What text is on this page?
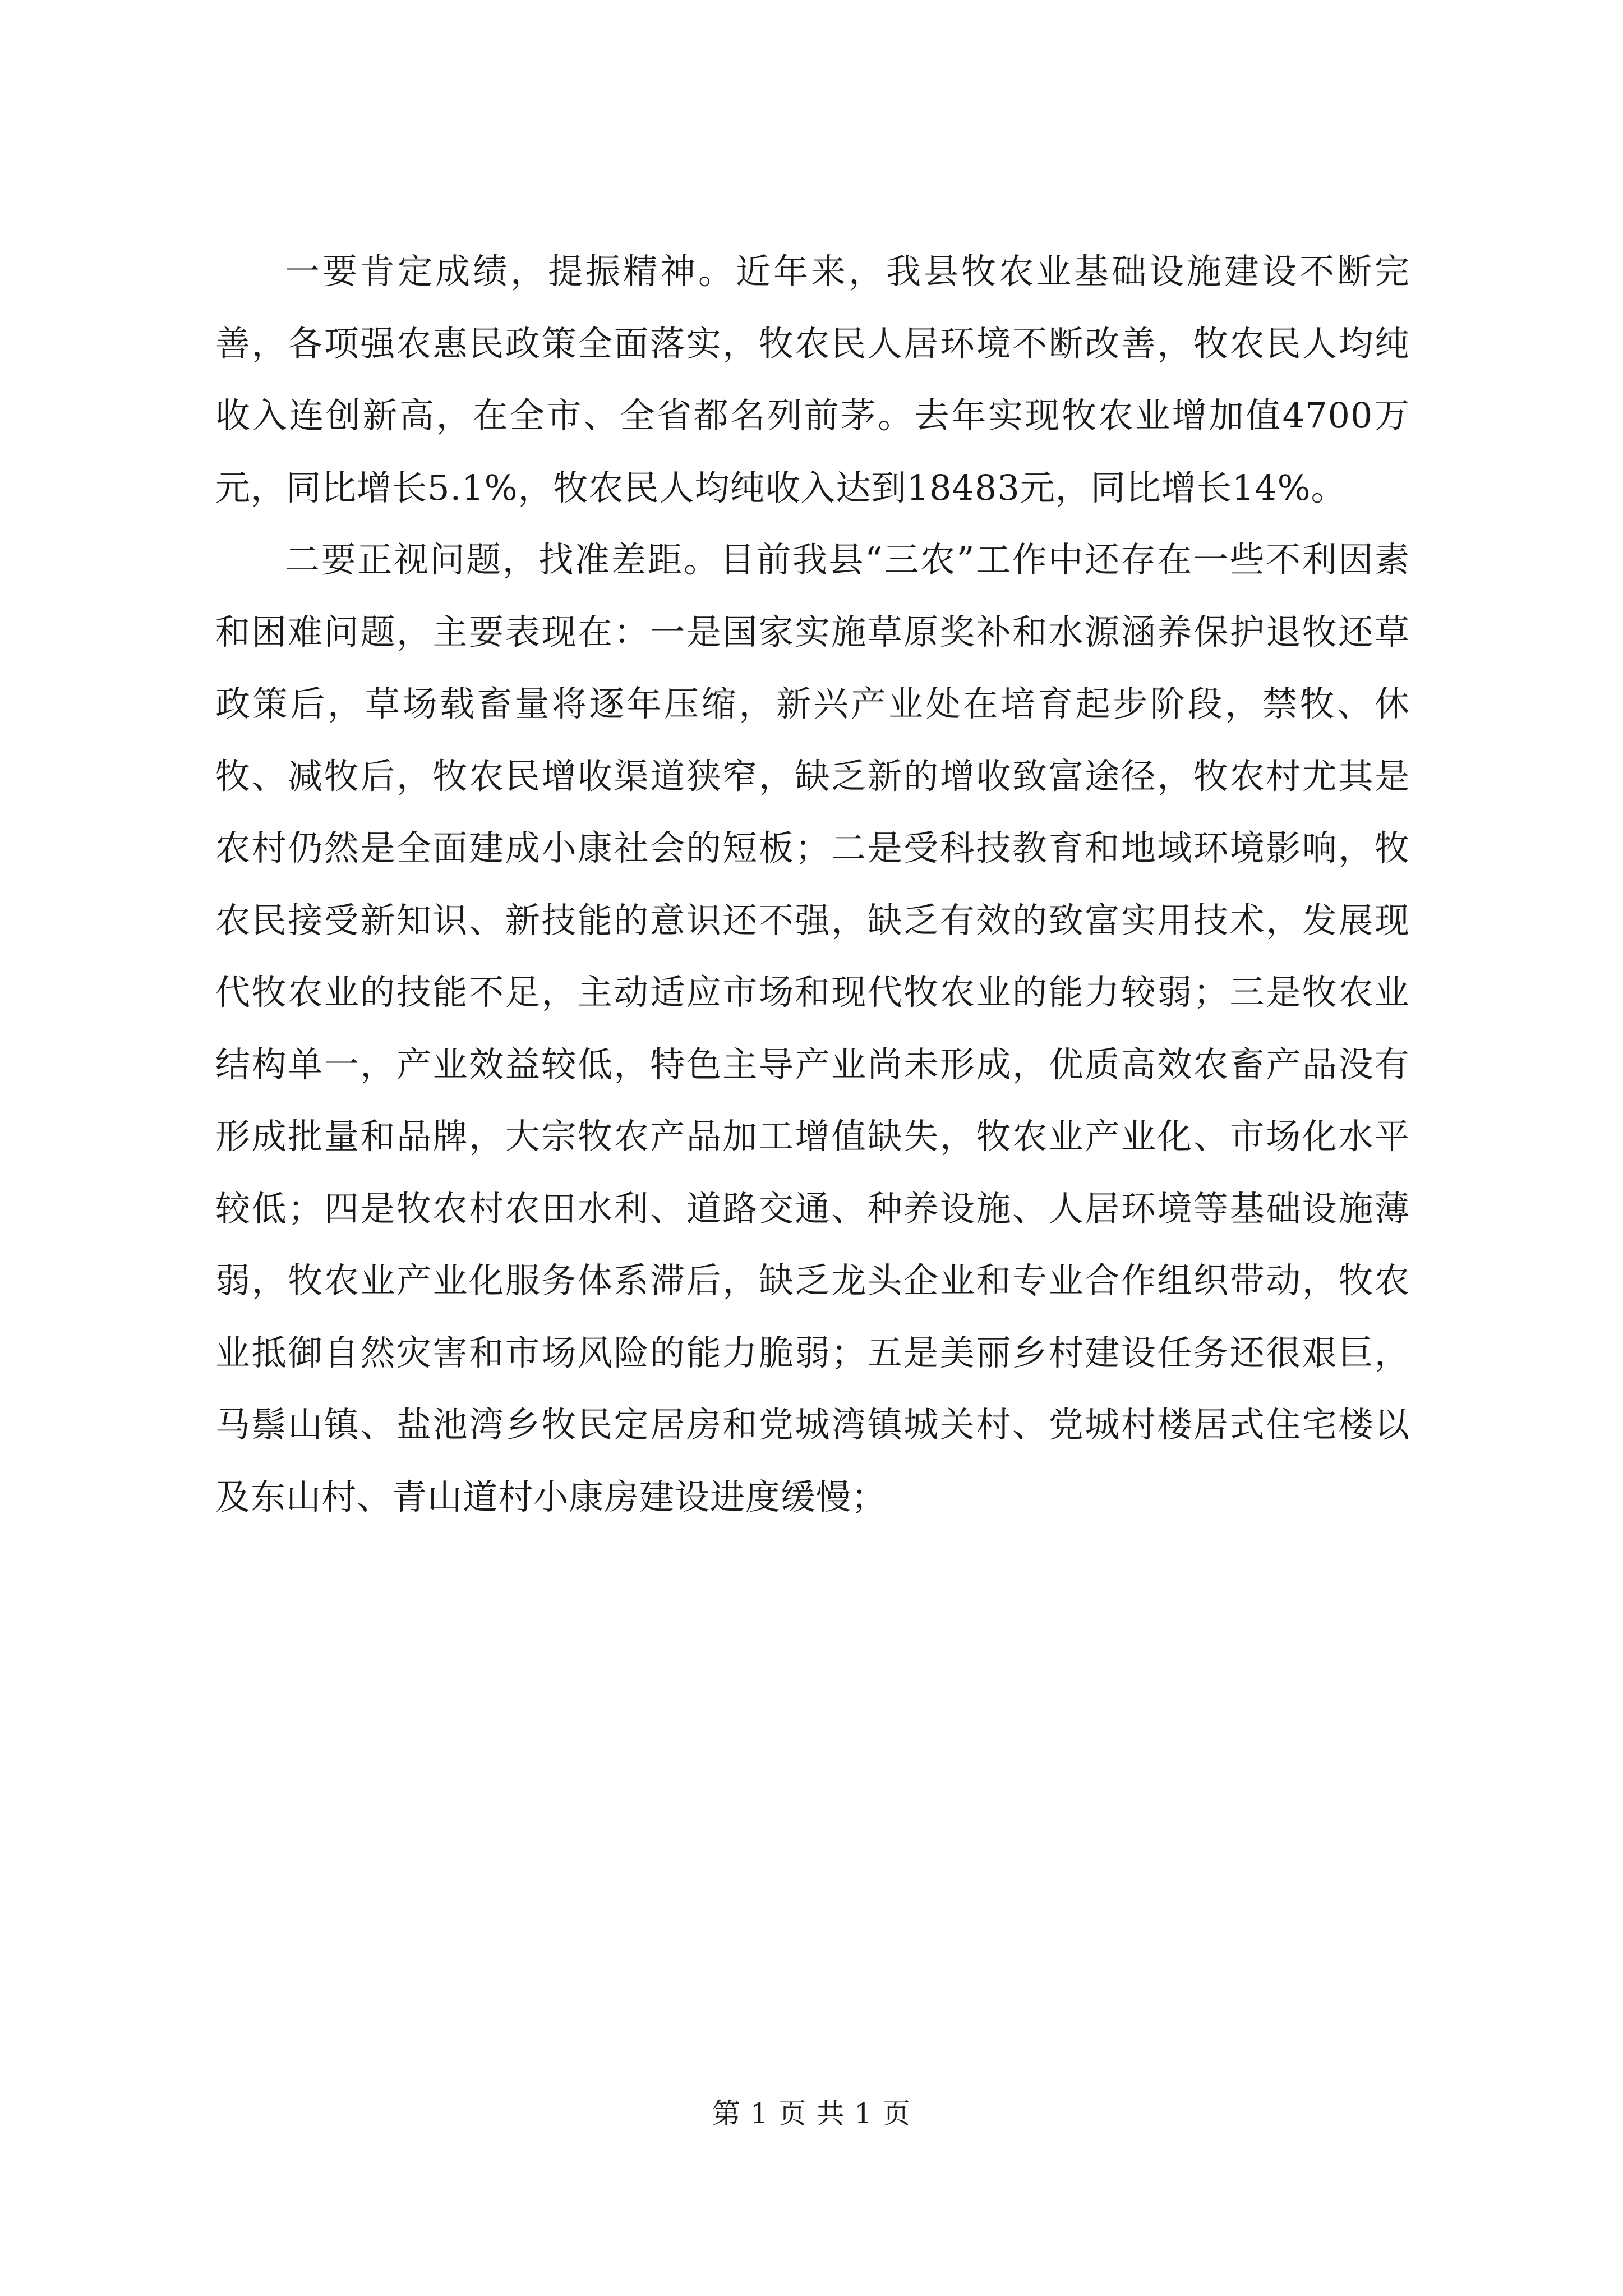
一要肯定成绩，提振精神。近年来，我县牧农业基础设施建设不断完善，各项强农惠民政策全面落实，牧农民人居环境不断改善，牧农民人均纯收入连创新高，在全市、全省都名列前茅。去年实现牧农业增加值4700万元，同比增长5.1%，牧农民人均纯收入达到18483元，同比增长14%。

二要正视问题，找准差距。目前我县“三农”工作中还存在一些不利因素和困难问题，主要表现在：一是国家实施草原奖补和水源涵养保护退牧还草政策后，草场载畜量将逐年压缩，新兴产业处在培育起步阶段，禁牧、休牧、减牧后，牧农民增收渠道狭窄，缺乏新的增收致富途径，牧农村尤其是农村仍然是全面建成小康社会的短板；二是受科技教育和地域环境影响，牧农民接受新知识、新技能的意识还不强，缺乏有效的致富实用技术，发展现代牧农业的技能不足，主动适应市场和现代牧农业的能力较弱；三是牧农业结构单一，产业效益较低，特色主导产业尚未形成，优质高效农畜产品没有形成批量和品牌，大宗牧农产品加工增值缺失，牧农业产业化、市场化水平较低；四是牧农村农田水利、道路交通、种养设施、人居环境等基础设施薄弱，牧农业产业化服务体系滞后，缺乏龙头企业和专业合作组织带动，牧农业抵御自然灾害和市场风险的能力脆弱；五是美丽乡村建设任务还很艰巨，马鬃山镇、盐池湾乡牧民定居房和党城湾镇城关村、党城村楼居式住宅楼以及东山村、青山道村小康房建设进度缓慢；

第 1 页 共 1 页
